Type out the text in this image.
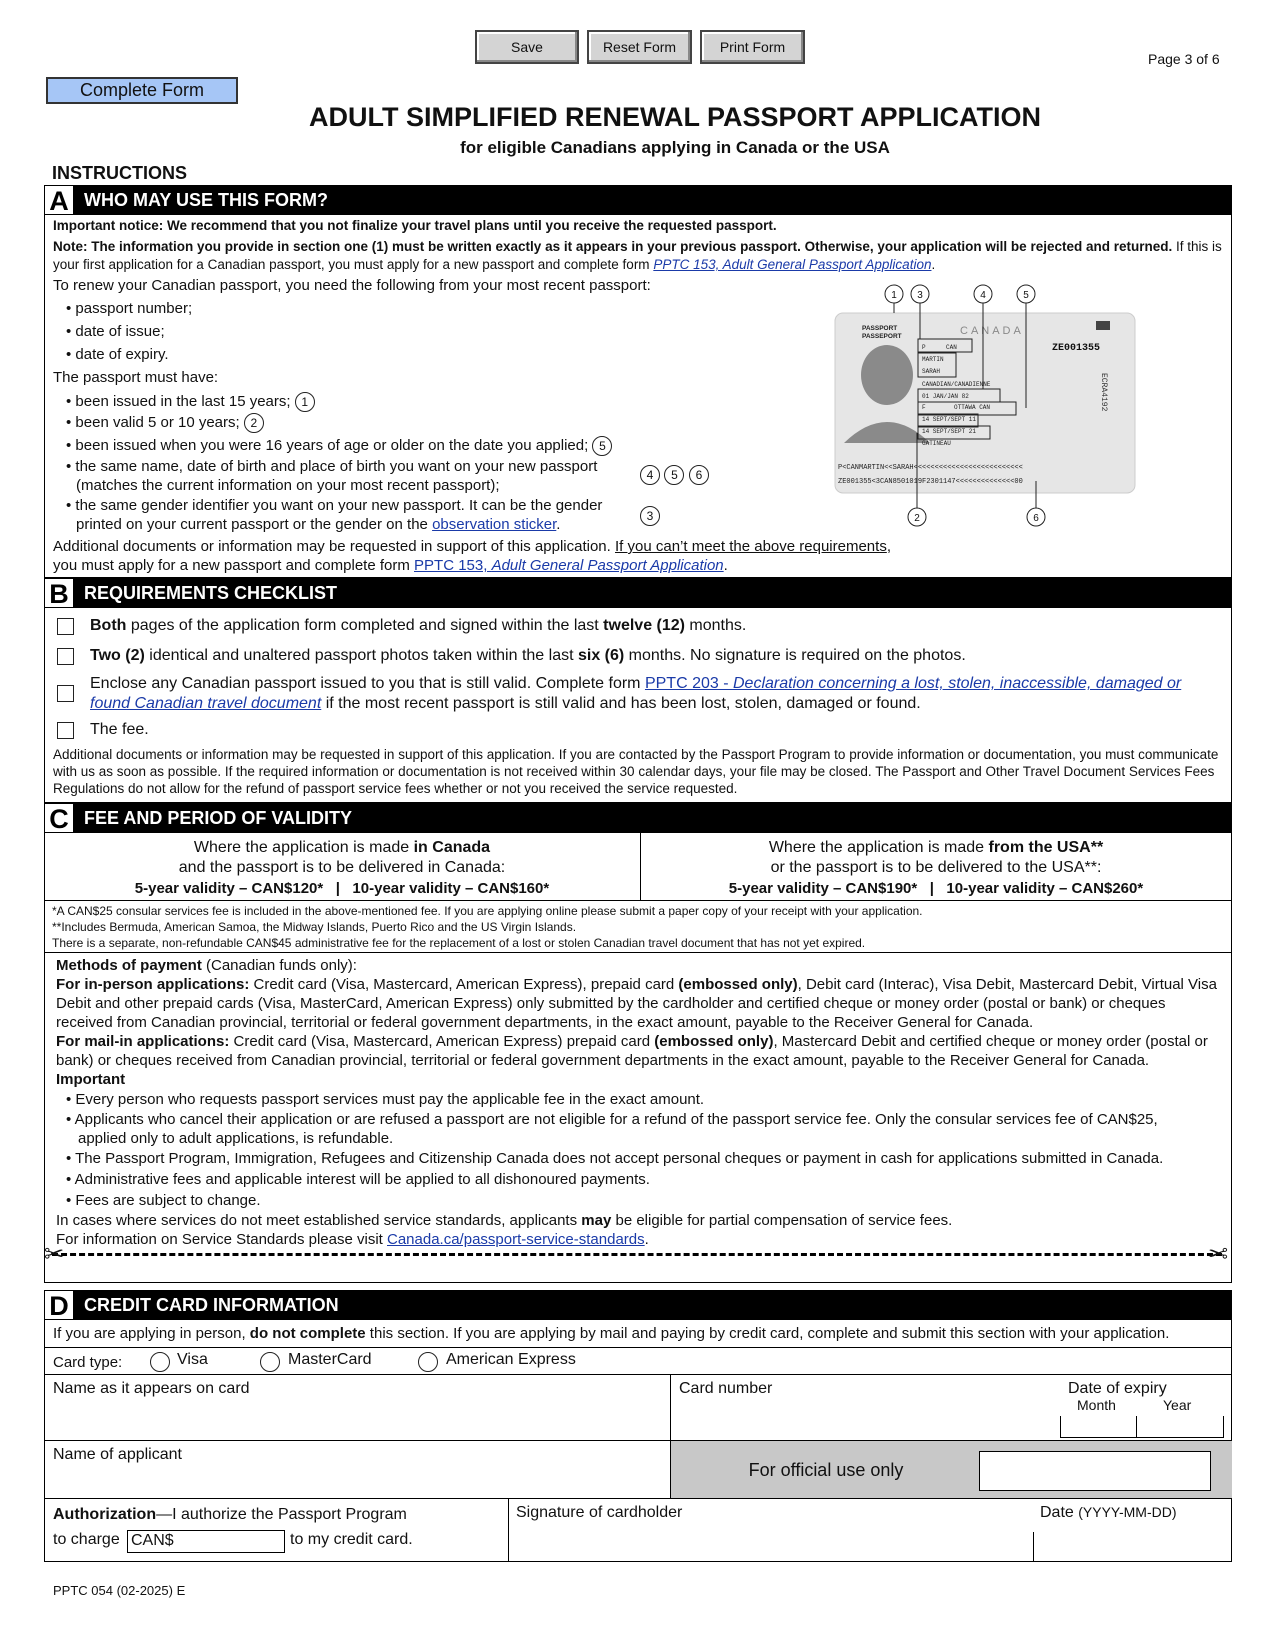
Save	Reset Form	Print Form
Complete Form
Page 3 of 6
ADULT SIMPLIFIED RENEWAL PASSPORT APPLICATION
for eligible Canadians applying in Canada or the USA
INSTRUCTIONS
A WHO MAY USE THIS FORM?
Important notice: We recommend that you not finalize your travel plans until you receive the requested passport.
Note: The information you provide in section one (1) must be written exactly as it appears in your previous passport. Otherwise, your application will be rejected and returned. If this is your first application for a Canadian passport, you must apply for a new passport and complete form PPTC 153, Adult General Passport Application.
To renew your Canadian passport, you need the following from your most recent passport:
• passport number;
• date of issue;
• date of expiry.
The passport must have:
• been issued in the last 15 years; 1
• been valid 5 or 10 years; 2
• been issued when you were 16 years of age or older on the date you applied; 5
• the same name, date of birth and place of birth you want on your new passport
(matches the current information on your most recent passport);
4 5 6
• the same gender identifier you want on your new passport. It can be the gender
printed on your current passport or the gender on the observation sticker.	3
Additional documents or information may be requested in support of this application. If you can’t meet the above requirements,
you must apply for a new passport and complete form PPTC 153, Adult General Passport Application.
1 3	4	5
2	6
PASSPORT
PASSEPORT	CANADA
ZE001355
P	CAN
MARTIN
SARAH
CANADIAN/CANADIENNE
01 JAN/JAN 82
F	OTTAWA CAN
14 SEPT/SEPT 11
14 SEPT/SEPT 21
GATINEAU
P<CANMARTIN<<SARAH<<<<<<<<<<<<<<<<<<<<<<<<<<
ZE001355<3CAN8501019F2301147<<<<<<<<<<<<<<00
ECRA4192
B REQUIREMENTS CHECKLIST
Both pages of the application form completed and signed within the last twelve (12) months.
Two (2) identical and unaltered passport photos taken within the last six (6) months. No signature is required on the photos.
Enclose any Canadian passport issued to you that is still valid. Complete form PPTC 203 - Declaration concerning a lost, stolen, inaccessible, damaged or found Canadian travel document if the most recent passport is still valid and has been lost, stolen, damaged or found.
The fee.
Additional documents or information may be requested in support of this application. If you are contacted by the Passport Program to provide information or documentation, you must communicate with us as soon as possible. If the required information or documentation is not received within 30 calendar days, your file may be closed. The Passport and Other Travel Document Services Fees Regulations do not allow for the refund of passport service fees whether or not you received the service requested.
C FEE AND PERIOD OF VALIDITY
Where the application is made in Canada
and the passport is to be delivered in Canada:
5-year validity – CAN$120*   |   10-year validity – CAN$160*
Where the application is made from the USA**
or the passport is to be delivered to the USA**:
5-year validity – CAN$190*   |   10-year validity – CAN$260*
*A CAN$25 consular services fee is included in the above-mentioned fee. If you are applying online please submit a paper copy of your receipt with your application.
**Includes Bermuda, American Samoa, the Midway Islands, Puerto Rico and the US Virgin Islands.
There is a separate, non-refundable CAN$45 administrative fee for the replacement of a lost or stolen Canadian travel document that has not yet expired.
Methods of payment (Canadian funds only):
For in-person applications: Credit card (Visa, Mastercard, American Express), prepaid card (embossed only), Debit card (Interac), Visa Debit, Mastercard Debit, Virtual Visa Debit and other prepaid cards (Visa, MasterCard, American Express) only submitted by the cardholder and certified cheque or money order (postal or bank) or cheques received from Canadian provincial, territorial or federal government departments, in the exact amount, payable to the Receiver General for Canada.
For mail-in applications: Credit card (Visa, Mastercard, American Express) prepaid card (embossed only), Mastercard Debit and certified cheque or money order (postal or bank) or cheques received from Canadian provincial, territorial or federal government departments in the exact amount, payable to the Receiver General for Canada.
Important
• Every person who requests passport services must pay the applicable fee in the exact amount.
• Applicants who cancel their application or are refused a passport are not eligible for a refund of the passport service fee. Only the consular services fee of CAN$25,
applied only to adult applications, is refundable.
• The Passport Program, Immigration, Refugees and Citizenship Canada does not accept personal cheques or payment in cash for applications submitted in Canada.
• Administrative fees and applicable interest will be applied to all dishonoured payments.
• Fees are subject to change.
In cases where services do not meet established service standards, applicants may be eligible for partial compensation of service fees.
For information on Service Standards please visit Canada.ca/passport-service-standards.
✂	✂
D CREDIT CARD INFORMATION
If you are applying in person, do not complete this section. If you are applying by mail and paying by credit card, complete and submit this section with your application.
Card type:	Visa	MasterCard	American Express
Name as it appears on card	Card number	Date of expiry
Month	Year
Name of applicant
For official use only
Authorization—I authorize the Passport Program
to charge CAN$	to my credit card.
Signature of cardholder	Date (YYYY-MM-DD)
PPTC 054 (02-2025) E
